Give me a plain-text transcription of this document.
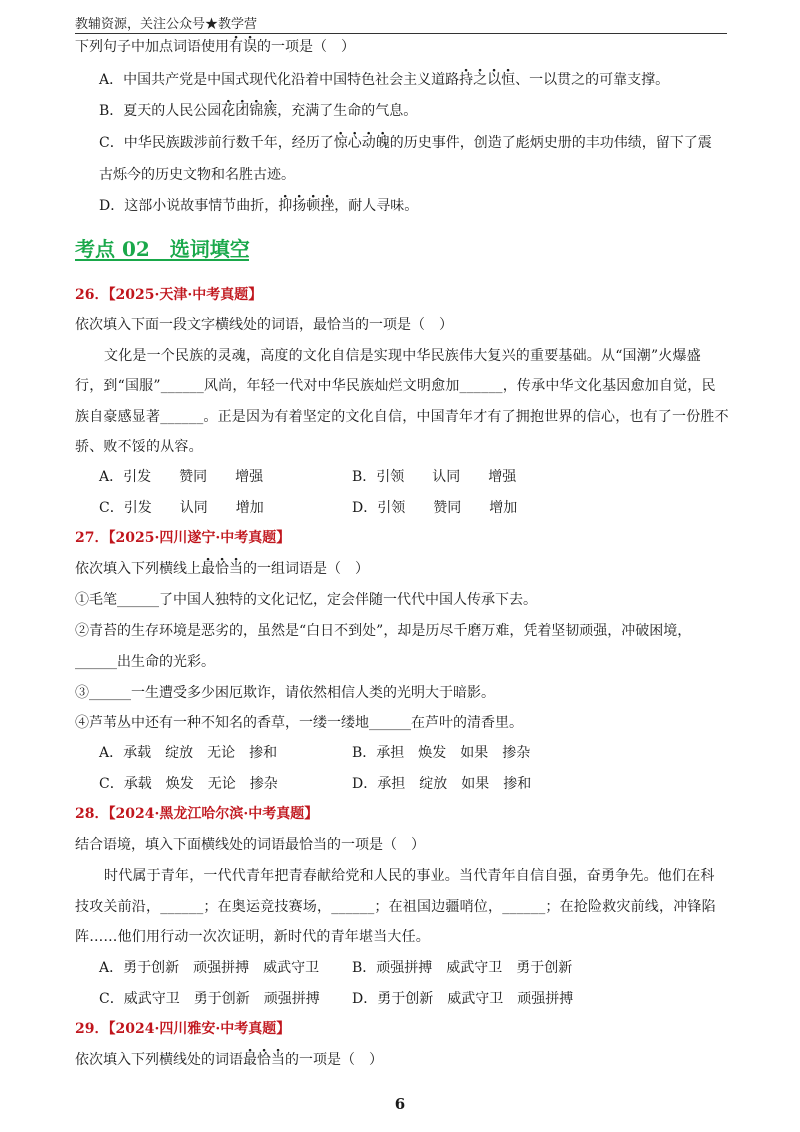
教辅资源，关注公众号★教学营
下列句子中加点词语使用有误的一项是（　）
A．中国共产党是中国式现代化沿着中国特色社会主义道路持之以恒、一以贯之的可靠支撑。
B．夏天的人民公园花团锦簇，充满了生命的气息。
C．中华民族跋涉前行数千年，经历了惊心动魄的历史事件，创造了彪炳史册的丰功伟绩，留下了震
古烁今的历史文物和名胜古迹。
D．这部小说故事情节曲折，抑扬顿挫，耐人寻味。
考点 02　选词填空
26．【2025·天津·中考真题】
依次填入下面一段文字横线处的词语，最恰当的一项是（　）
文化是一个民族的灵魂，高度的文化自信是实现中华民族伟大复兴的重要基础。从“国潮”火爆盛
行，到“国服”______风尚，年轻一代对中华民族灿烂文明愈加______，传承中华文化基因愈加自觉，民
族自豪感显著______。正是因为有着坚定的文化自信，中国青年才有了拥抱世界的信心，也有了一份胜不
骄、败不馁的从容。
A．引发　　赞同　　增强	B．引领　　认同　　增强
C．引发　　认同　　增加	D．引领　　赞同　　增加
27．【2025·四川遂宁·中考真题】
依次填入下列横线上最恰当的一组词语是（　）
①毛笔______了中国人独特的文化记忆，定会伴随一代代中国人传承下去。
②青苔的生存环境是恶劣的，虽然是“白日不到处”，却是历尽千磨万难，凭着坚韧顽强，冲破困境，
______出生命的光彩。
③______一生遭受多少困厄欺诈，请依然相信人类的光明大于暗影。
④芦苇丛中还有一种不知名的香草，一缕一缕地______在芦叶的清香里。
A．承载　绽放　无论　掺和	B．承担　焕发　如果　掺杂
C．承载　焕发　无论　掺杂	D．承担　绽放　如果　掺和
28．【2024·黑龙江哈尔滨·中考真题】
结合语境，填入下面横线处的词语最恰当的一项是（　）
时代属于青年，一代代青年把青春献给党和人民的事业。当代青年自信自强，奋勇争先。他们在科
技攻关前沿，______；在奥运竞技赛场，______；在祖国边疆哨位，______；在抢险救灾前线，冲锋陷
阵……他们用行动一次次证明，新时代的青年堪当大任。
A．勇于创新　顽强拼搏　威武守卫 B．顽强拼搏　威武守卫　勇于创新
C．威武守卫　勇于创新　顽强拼搏 D．勇于创新　威武守卫　顽强拼搏
29．【2024·四川雅安·中考真题】
依次填入下列横线处的词语最恰当的一项是（　）
6
